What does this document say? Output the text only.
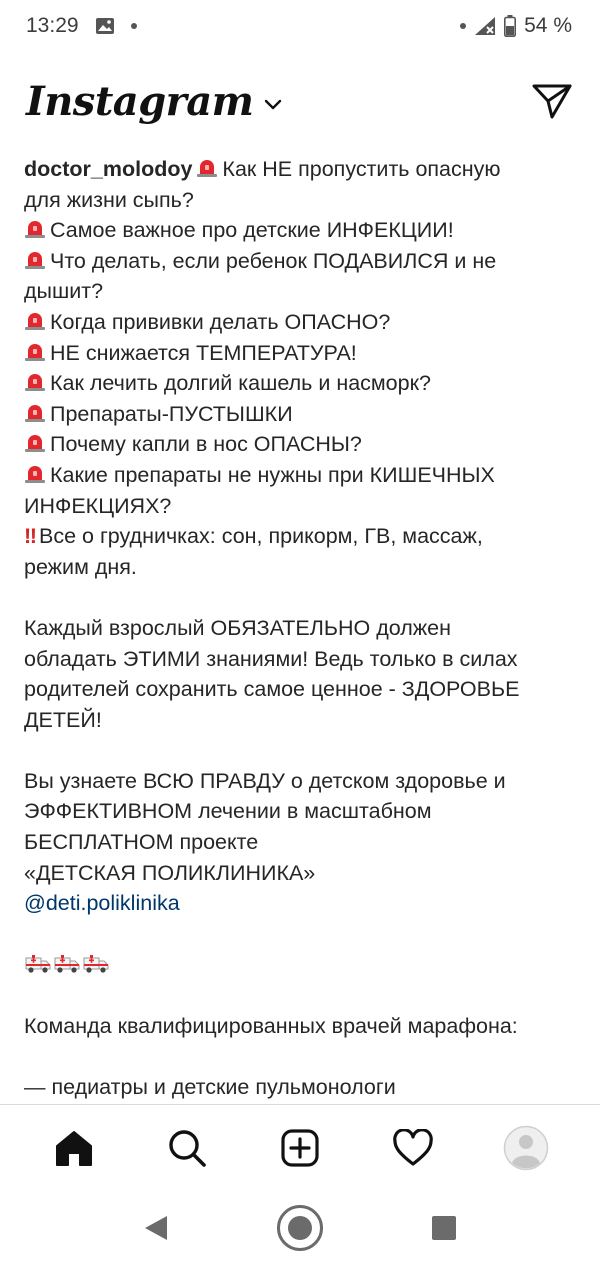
13:29	54 %
Instagram
doctor_molodoy Как НЕ пропустить опасную
для жизни сыпь?
Самое важное про детские ИНФЕКЦИИ!
Что делать, если ребенок ПОДАВИЛСЯ и не
дышит?
Когда прививки делать ОПАСНО?
НЕ снижается ТЕМПЕРАТУРА!
Как лечить долгий кашель и насморк?
Препараты-ПУСТЫШКИ
Почему капли в нос ОПАСНЫ?
Какие препараты не нужны при КИШЕЧНЫХ
ИНФЕКЦИЯХ?
‼ Все о грудничках: сон, прикорм, ГВ, массаж,
режим дня.
Каждый взрослый ОБЯЗАТЕЛЬНО должен
обладать ЭТИМИ знаниями! Ведь только в силах
родителей сохранить самое ценное - ЗДОРОВЬЕ
ДЕТЕЙ!
Вы узнаете ВСЮ ПРАВДУ о детском здоровье и
ЭФФЕКТИВНОМ лечении в масштабном
БЕСПЛАТНОМ проекте
«ДЕТСКАЯ ПОЛИКЛИНИКА»
@deti.poliklinika
Команда квалифицированных врачей марафона:
— педиатры и детские пульмонологи
